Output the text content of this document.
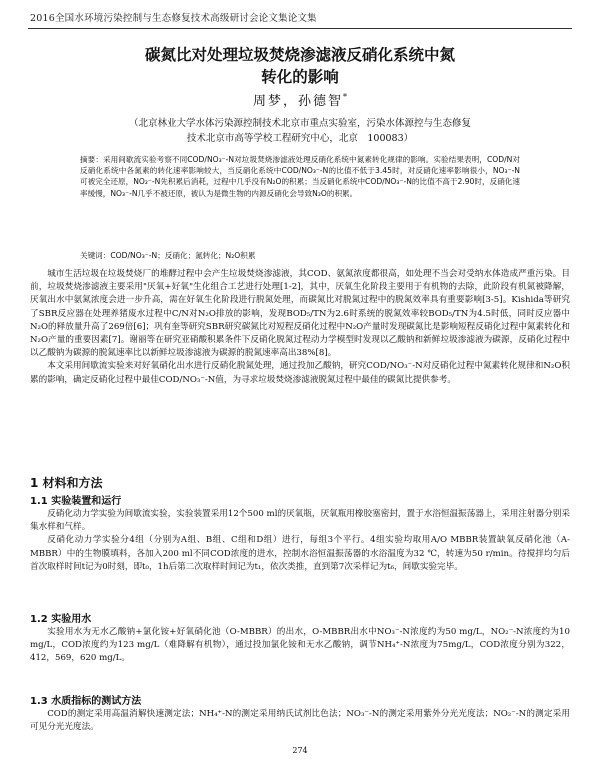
2016全国水环境污染控制与生态修复技术高级研讨会论文集论文集
碳氮比对处理垃圾焚烧渗滤液反硝化系统中氮
转化的影响
周梦，孙德智*
（北京林业大学水体污染源控制技术北京市重点实验室，污染水体源控与生态修复
技术北京市高等学校工程研究中心，北京　100083）
摘要：采用间歇流实验考察不同COD/NO₃⁻-N对垃圾焚烧渗滤液处理反硝化系统中氮素转化规律的影响。实验结果表明，COD/N对反硝化系统中各氮素的转化速率影响较大，当反硝化系统中COD/NO₃⁻-N的比值不低于3.45时，对反硝化速率影响很小，NO₃⁻-N可被完全还原，NO₂⁻-N先积累后消耗，过程中几乎没有N₂O的积累；当反硝化系统中COD/NO₃⁻-N的比值不高于2.90时，反硝化速率缓慢，NO₃⁻-N几乎不被还原，被认为是微生物的内源反硝化会导致N₂O的积累。
关键词：COD/NO₃⁻-N；反硝化；氮转化；N₂O积累

城市生活垃圾在垃圾焚烧厂的堆酵过程中会产生垃圾焚烧渗滤液，其COD、氨氮浓度都很高，如处理不当会对受纳水体造成严重污染。目前，垃圾焚烧渗滤液主要采用"厌氧+好氧"生化组合工艺进行处理[1-2]，其中，厌氧生化阶段主要用于有机物的去除，此阶段有机氮被降解，厌氧出水中氨氮浓度会进一步升高，需在好氧生化阶段进行脱氮处理，而碳氮比对脱氮过程中的脱氮效率具有重要影响[3-5]。Kishida等研究了SBR反应器在处理养猪废水过程中C/N对N₂O排放的影响，发现BOD₅/TN为2.6时系统的脱氮效率较BOD₅/TN为4.5时低，同时反应器中N₂O的释放量升高了269倍[6]；巩有奎等研究SBR研究碳氮比对短程反硝化过程中N₂O产量时发现碳氮比是影响短程反硝化过程中氮素转化和N₂O产量的重要因素[7]。谢丽等在研究亚硝酸积累条件下反硝化脱氮过程动力学模型时发现以乙酸钠和新鲜垃圾渗滤液为碳源，反硝化过程中以乙酸钠为碳源的脱氮速率比以新鲜垃圾渗滤液为碳源的脱氮速率高出38%[8]。

本文采用间歇流实验来对好氧硝化出水进行反硝化脱氮处理，通过投加乙酸钠，研究COD/NO₃⁻-N对反硝化过程中氮素转化规律和N₂O积累的影响，确定反硝化过程中最佳COD/NO₃⁻-N值，为寻求垃圾焚烧渗滤液脱氮过程中最佳的碳氮比提供参考。

1 材料和方法
1.1 实验装置和运行

反硝化动力学实验为间歇流实验，实验装置采用12个500 ml的厌氧瓶，厌氧瓶用橡胶塞密封，置于水浴恒温振荡器上，采用注射器分别采集水样和气样。

反硝化动力学实验分4组（分别为A组、B组、C组和D组）进行，每组3个平行。4组实验均取用A/O MBBR装置缺氧反硝化池（A-MBBR）中的生物膜填料，各加入200 ml不同COD浓度的进水，控制水浴恒温振荡器的水浴温度为32 ℃，转速为50 r/min。待搅拌均匀后首次取样时间t记为0时刻，即t₀，1h后第二次取样时间记为t₁，依次类推，直到第7次采样记为t₆，间歇实验完毕。

1.2 实验用水

实验用水为无水乙酸钠+氯化铵+好氧硝化池（O-MBBR）的出水，O-MBBR出水中NO₃⁻-N浓度约为50 mg/L，NO₂⁻-N浓度约为10 mg/L，COD浓度约为123 mg/L（难降解有机物），通过投加氯化铵和无水乙酸钠，调节NH₄⁺-N浓度为75mg/L，COD浓度分别为322，412，569，620 mg/L。

1.3 水质指标的测试方法

COD的测定采用高温消解快速测定法；NH₄⁺-N的测定采用纳氏试剂比色法；NO₃⁻-N的测定采用紫外分光光度法；NO₂⁻-N的测定采用可见分光光度法。

274
